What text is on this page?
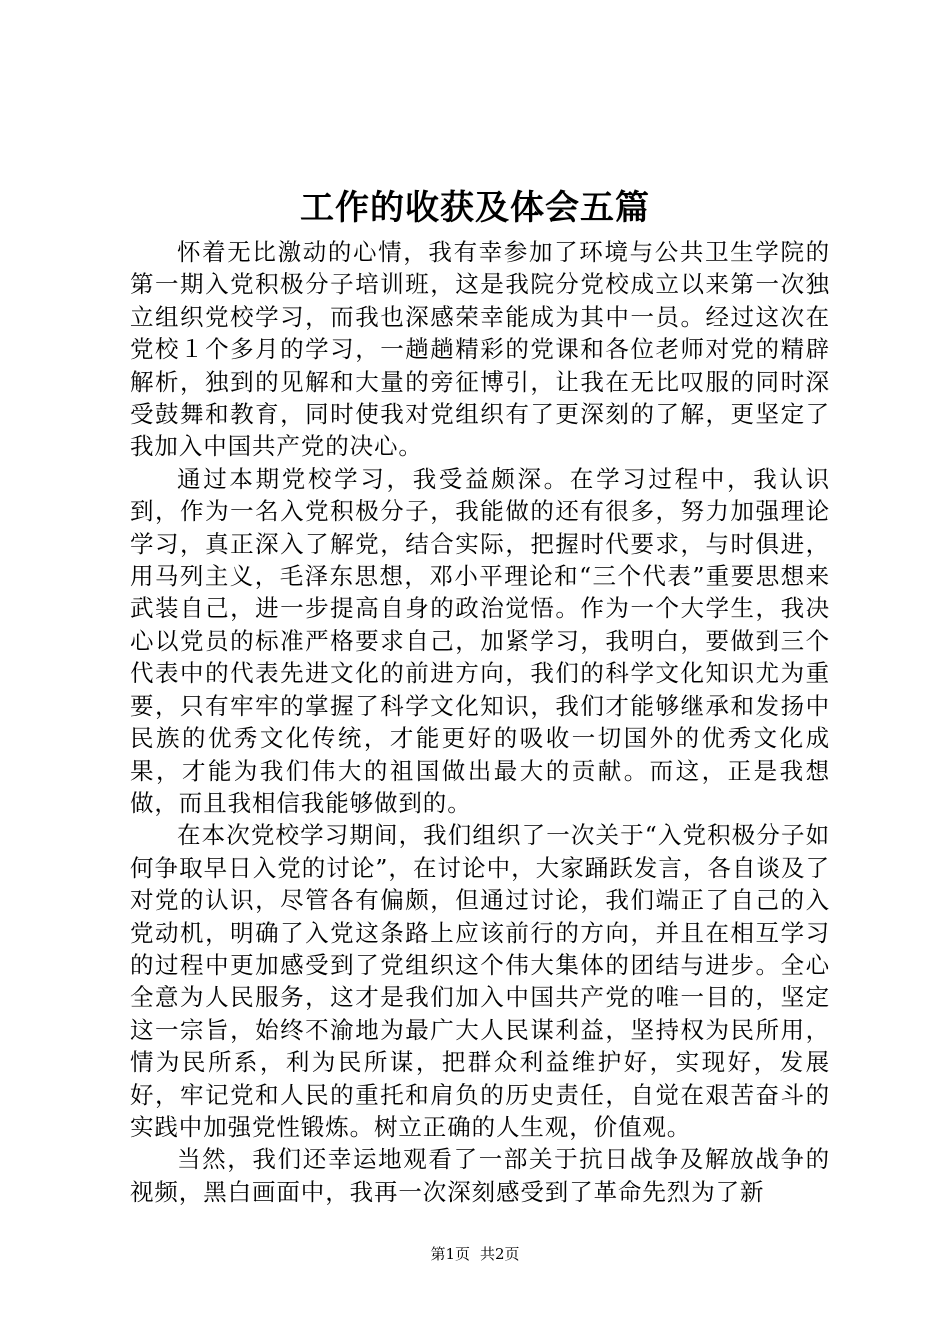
工作的收获及体会五篇

怀着无比激动的心情，我有幸参加了环境与公共卫生学院的第一期入党积极分子培训班，这是我院分党校成立以来第一次独立组织党校学习，而我也深感荣幸能成为其中一员。经过这次在党校１个多月的学习，一趟趟精彩的党课和各位老师对党的精辟解析，独到的见解和大量的旁征博引，让我在无比叹服的同时深受鼓舞和教育，同时使我对党组织有了更深刻的了解，更坚定了我加入中国共产党的决心。

通过本期党校学习，我受益颇深。在学习过程中，我认识到，作为一名入党积极分子，我能做的还有很多，努力加强理论学习，真正深入了解党，结合实际，把握时代要求，与时俱进，用马列主义，毛泽东思想，邓小平理论和“三个代表”重要思想来武装自己，进一步提高自身的政治觉悟。作为一个大学生，我决心以党员的标准严格要求自己，加紧学习，我明白，要做到三个代表中的代表先进文化的前进方向，我们的科学文化知识尤为重要，只有牢牢的掌握了科学文化知识，我们才能够继承和发扬中民族的优秀文化传统，才能更好的吸收一切国外的优秀文化成果，才能为我们伟大的祖国做出最大的贡献。而这，正是我想做，而且我相信我能够做到的。

在本次党校学习期间，我们组织了一次关于“入党积极分子如何争取早日入党的讨论”，在讨论中，大家踊跃发言，各自谈及了对党的认识，尽管各有偏颇，但通过讨论，我们端正了自己的入党动机，明确了入党这条路上应该前行的方向，并且在相互学习的过程中更加感受到了党组织这个伟大集体的团结与进步。全心全意为人民服务，这才是我们加入中国共产党的唯一目的，坚定这一宗旨，始终不渝地为最广大人民谋利益，坚持权为民所用，情为民所系，利为民所谋，把群众利益维护好，实现好，发展好，牢记党和人民的重托和肩负的历史责任，自觉在艰苦奋斗的实践中加强党性锻炼。树立正确的人生观，价值观。

当然，我们还幸运地观看了一部关于抗日战争及解放战争的视频，黑白画面中，我再一次深刻感受到了革命先烈为了新

第1页 共2页
